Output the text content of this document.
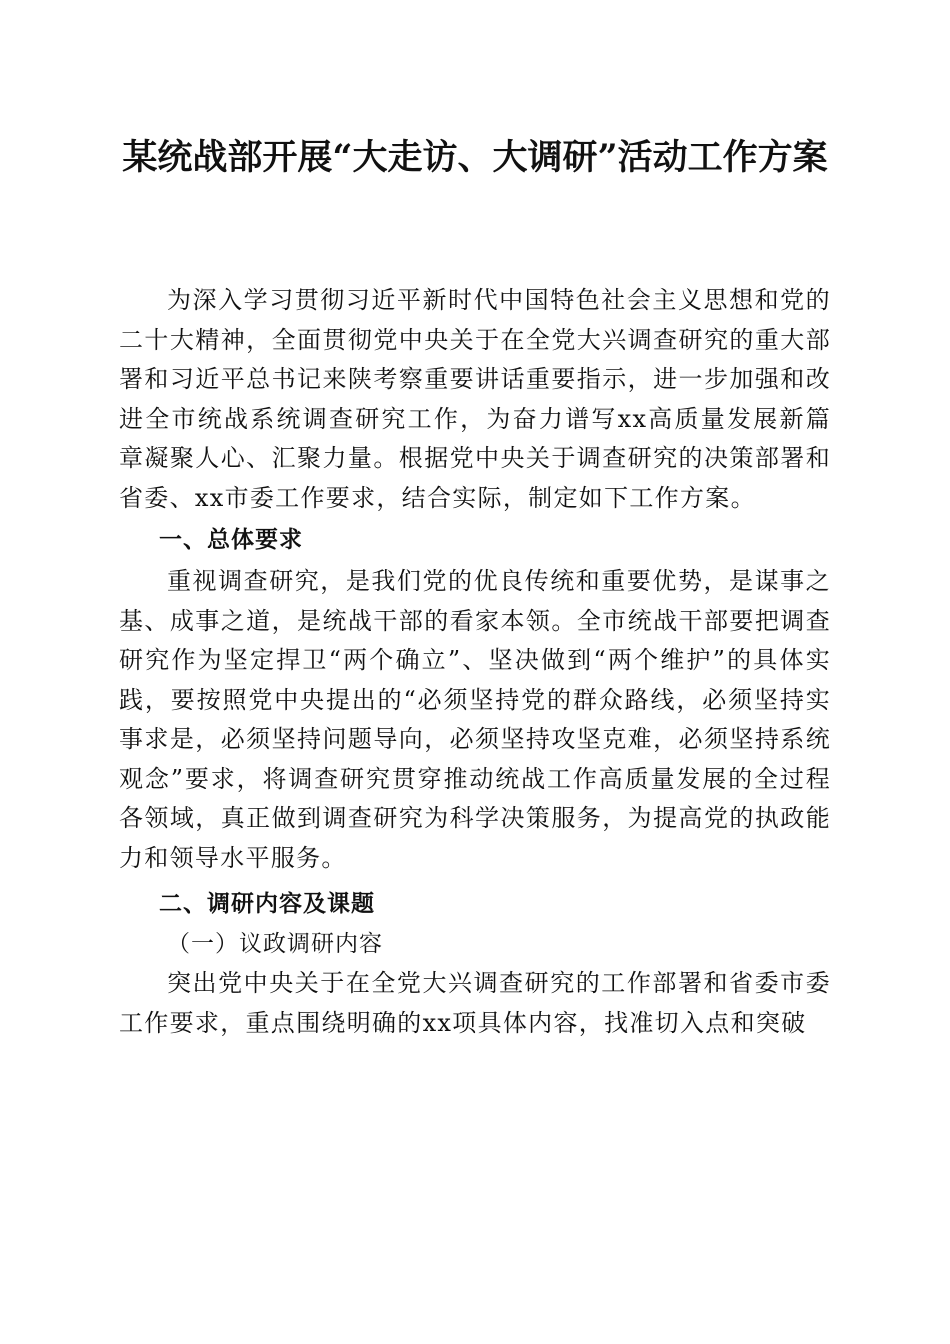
某统战部开展“大走访、大调研”活动工作方案

为深入学习贯彻习近平新时代中国特色社会主义思想和党的二十大精神，全面贯彻党中央关于在全党大兴调查研究的重大部署和习近平总书记来陕考察重要讲话重要指示，进一步加强和改进全市统战系统调查研究工作，为奋力谱写xx高质量发展新篇章凝聚人心、汇聚力量。根据党中央关于调查研究的决策部署和省委、xx市委工作要求，结合实际，制定如下工作方案。

一、总体要求

重视调查研究，是我们党的优良传统和重要优势，是谋事之基、成事之道，是统战干部的看家本领。全市统战干部要把调查研究作为坚定捍卫“两个确立”、坚决做到“两个维护”的具体实践，要按照党中央提出的“必须坚持党的群众路线，必须坚持实事求是，必须坚持问题导向，必须坚持攻坚克难，必须坚持系统观念”要求，将调查研究贯穿推动统战工作高质量发展的全过程各领域，真正做到调查研究为科学决策服务，为提高党的执政能力和领导水平服务。

二、调研内容及课题

（一）议政调研内容

突出党中央关于在全党大兴调查研究的工作部署和省委市委工作要求，重点围绕明确的xx项具体内容，找准切入点和突破
